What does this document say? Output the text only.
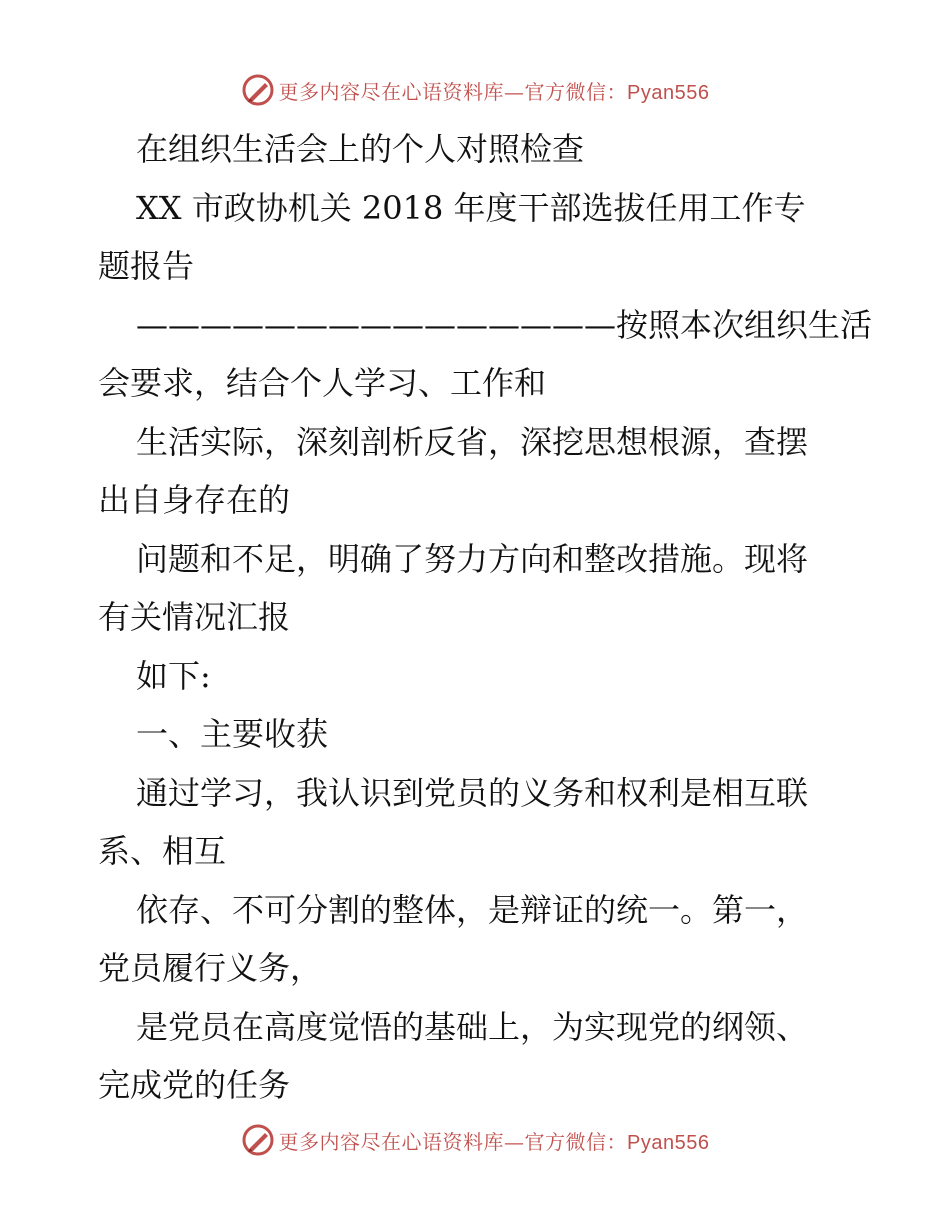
更多内容尽在心语资料库—官方微信：Pyan556
在组织生活会上的个人对照检查
XX 市政协机关 2018 年度干部选拔任用工作专
题报告
———————————————按照本次组织生活
会要求，结合个人学习、工作和
生活实际，深刻剖析反省，深挖思想根源，查摆
出自身存在的
问题和不足，明确了努力方向和整改措施。现将
有关情况汇报
如下:
一、主要收获
通过学习，我认识到党员的义务和权利是相互联
系、相互
依存、不可分割的整体，是辩证的统一。第一，
党员履行义务，
是党员在高度觉悟的基础上，为实现党的纲领、
完成党的任务
更多内容尽在心语资料库—官方微信：Pyan556
